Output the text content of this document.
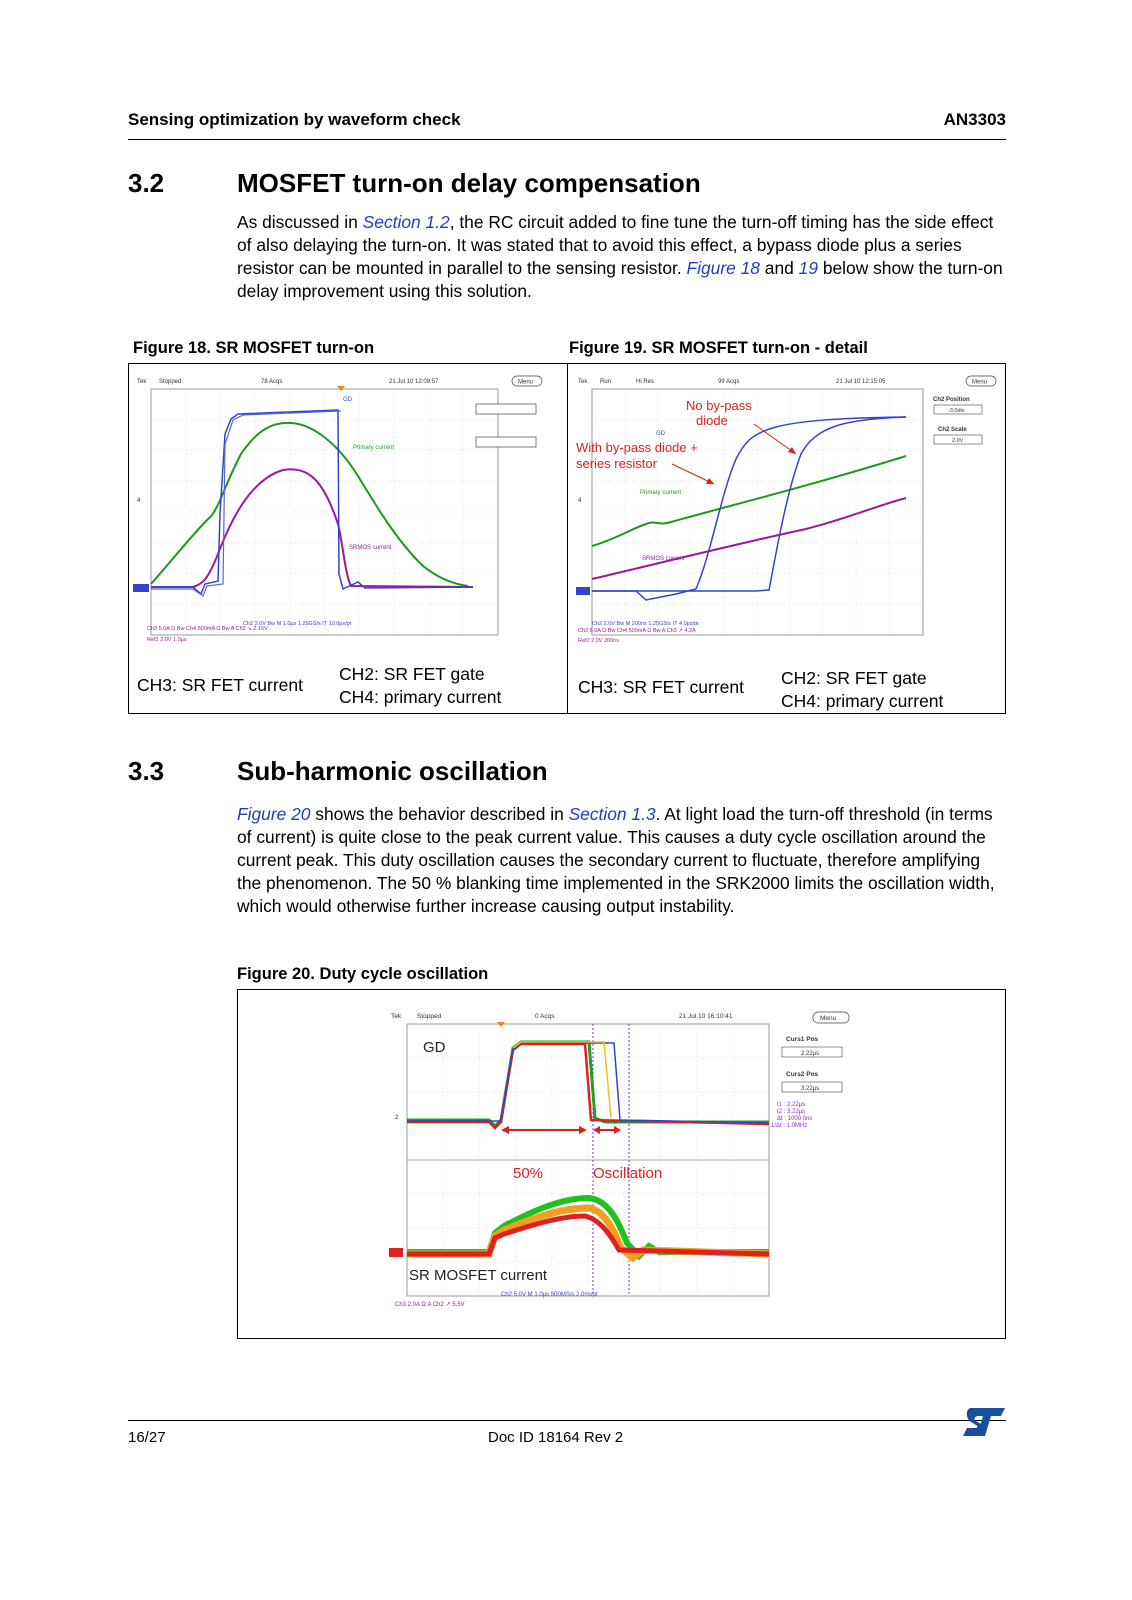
Sensing optimization by waveform check	AN3303
3.2	MOSFET turn-on delay compensation
As discussed in Section 1.2, the RC circuit added to fine tune the turn-off timing has the side effect of also delaying the turn-on. It was stated that to avoid this effect, a bypass diode plus a series resistor can be mounted in parallel to the sensing resistor. Figure 18 and 19 below show the turn-on delay improvement using this solution.
Figure 18. SR MOSFET turn-on	Figure 19. SR MOSFET turn-on - detail
Tek Stopped	78 Acqs	21 Jul 10 12:09:57	Menu
GD
Primary current
SRMOS current
4
Ch3 5.0A Ω Bw Ch4 500mA Ω Bw A Ch2 ↘ 2.16V
Ch2 2.0V Bw M 1.0µs 1.25GS/s IT 10.0ps/pt
Ref2 2.0V 1.0µs
Tek Run	Hi Res	99 Acqs	21 Jul 10 12:15:05	Menu
Ch2 Position
-3.0div
Ch2 Scale
2.0V
No by-pass
diode
With by-pass diode +
series resistor
GD
Primary current
SRMOS current
4
Ch2 2.0V Bw M 200ns 1.25GS/s IT 4.0ps/pt
Ch3 5.0A Ω Bw Ch4 500mA Ω Bw A Ch3 ↗ 4.2A
Ref2 2.0V 200ns
CH3: SR FET current
CH2: SR FET gate
CH4: primary current	CH3: SR FET current CH2: SR FET gate
CH4: primary current
3.3	Sub-harmonic oscillation
Figure 20 shows the behavior described in Section 1.3. At light load the turn-off threshold (in terms of current) is quite close to the peak current value. This causes a duty cycle oscillation around the current peak. This duty oscillation causes the secondary current to fluctuate, therefore amplifying the phenomenon. The 50 % blanking time implemented in the SRK2000 limits the oscillation width, which would otherwise further increase causing output instability.
Figure 20. Duty cycle oscillation
Tek Stopped	0 Acqs	21 Jul 10 16:10:41	Menu
Curs1 Pos
2.22µs
Curs2 Pos
3.22µs
t1 : 2.22µs
t2 : 3.22µs
Δt : 1000.0ns
1/Δt : 1.0MHz
GD
50%	Oscillation
SR MOSFET current
2
Ch2 5.0V M 1.0µs 500MS/s 2.0ns/pt
Ch3 2.0A Ω A Ch2 ↗ 5.5V
16/27	Doc ID 18164 Rev 2
